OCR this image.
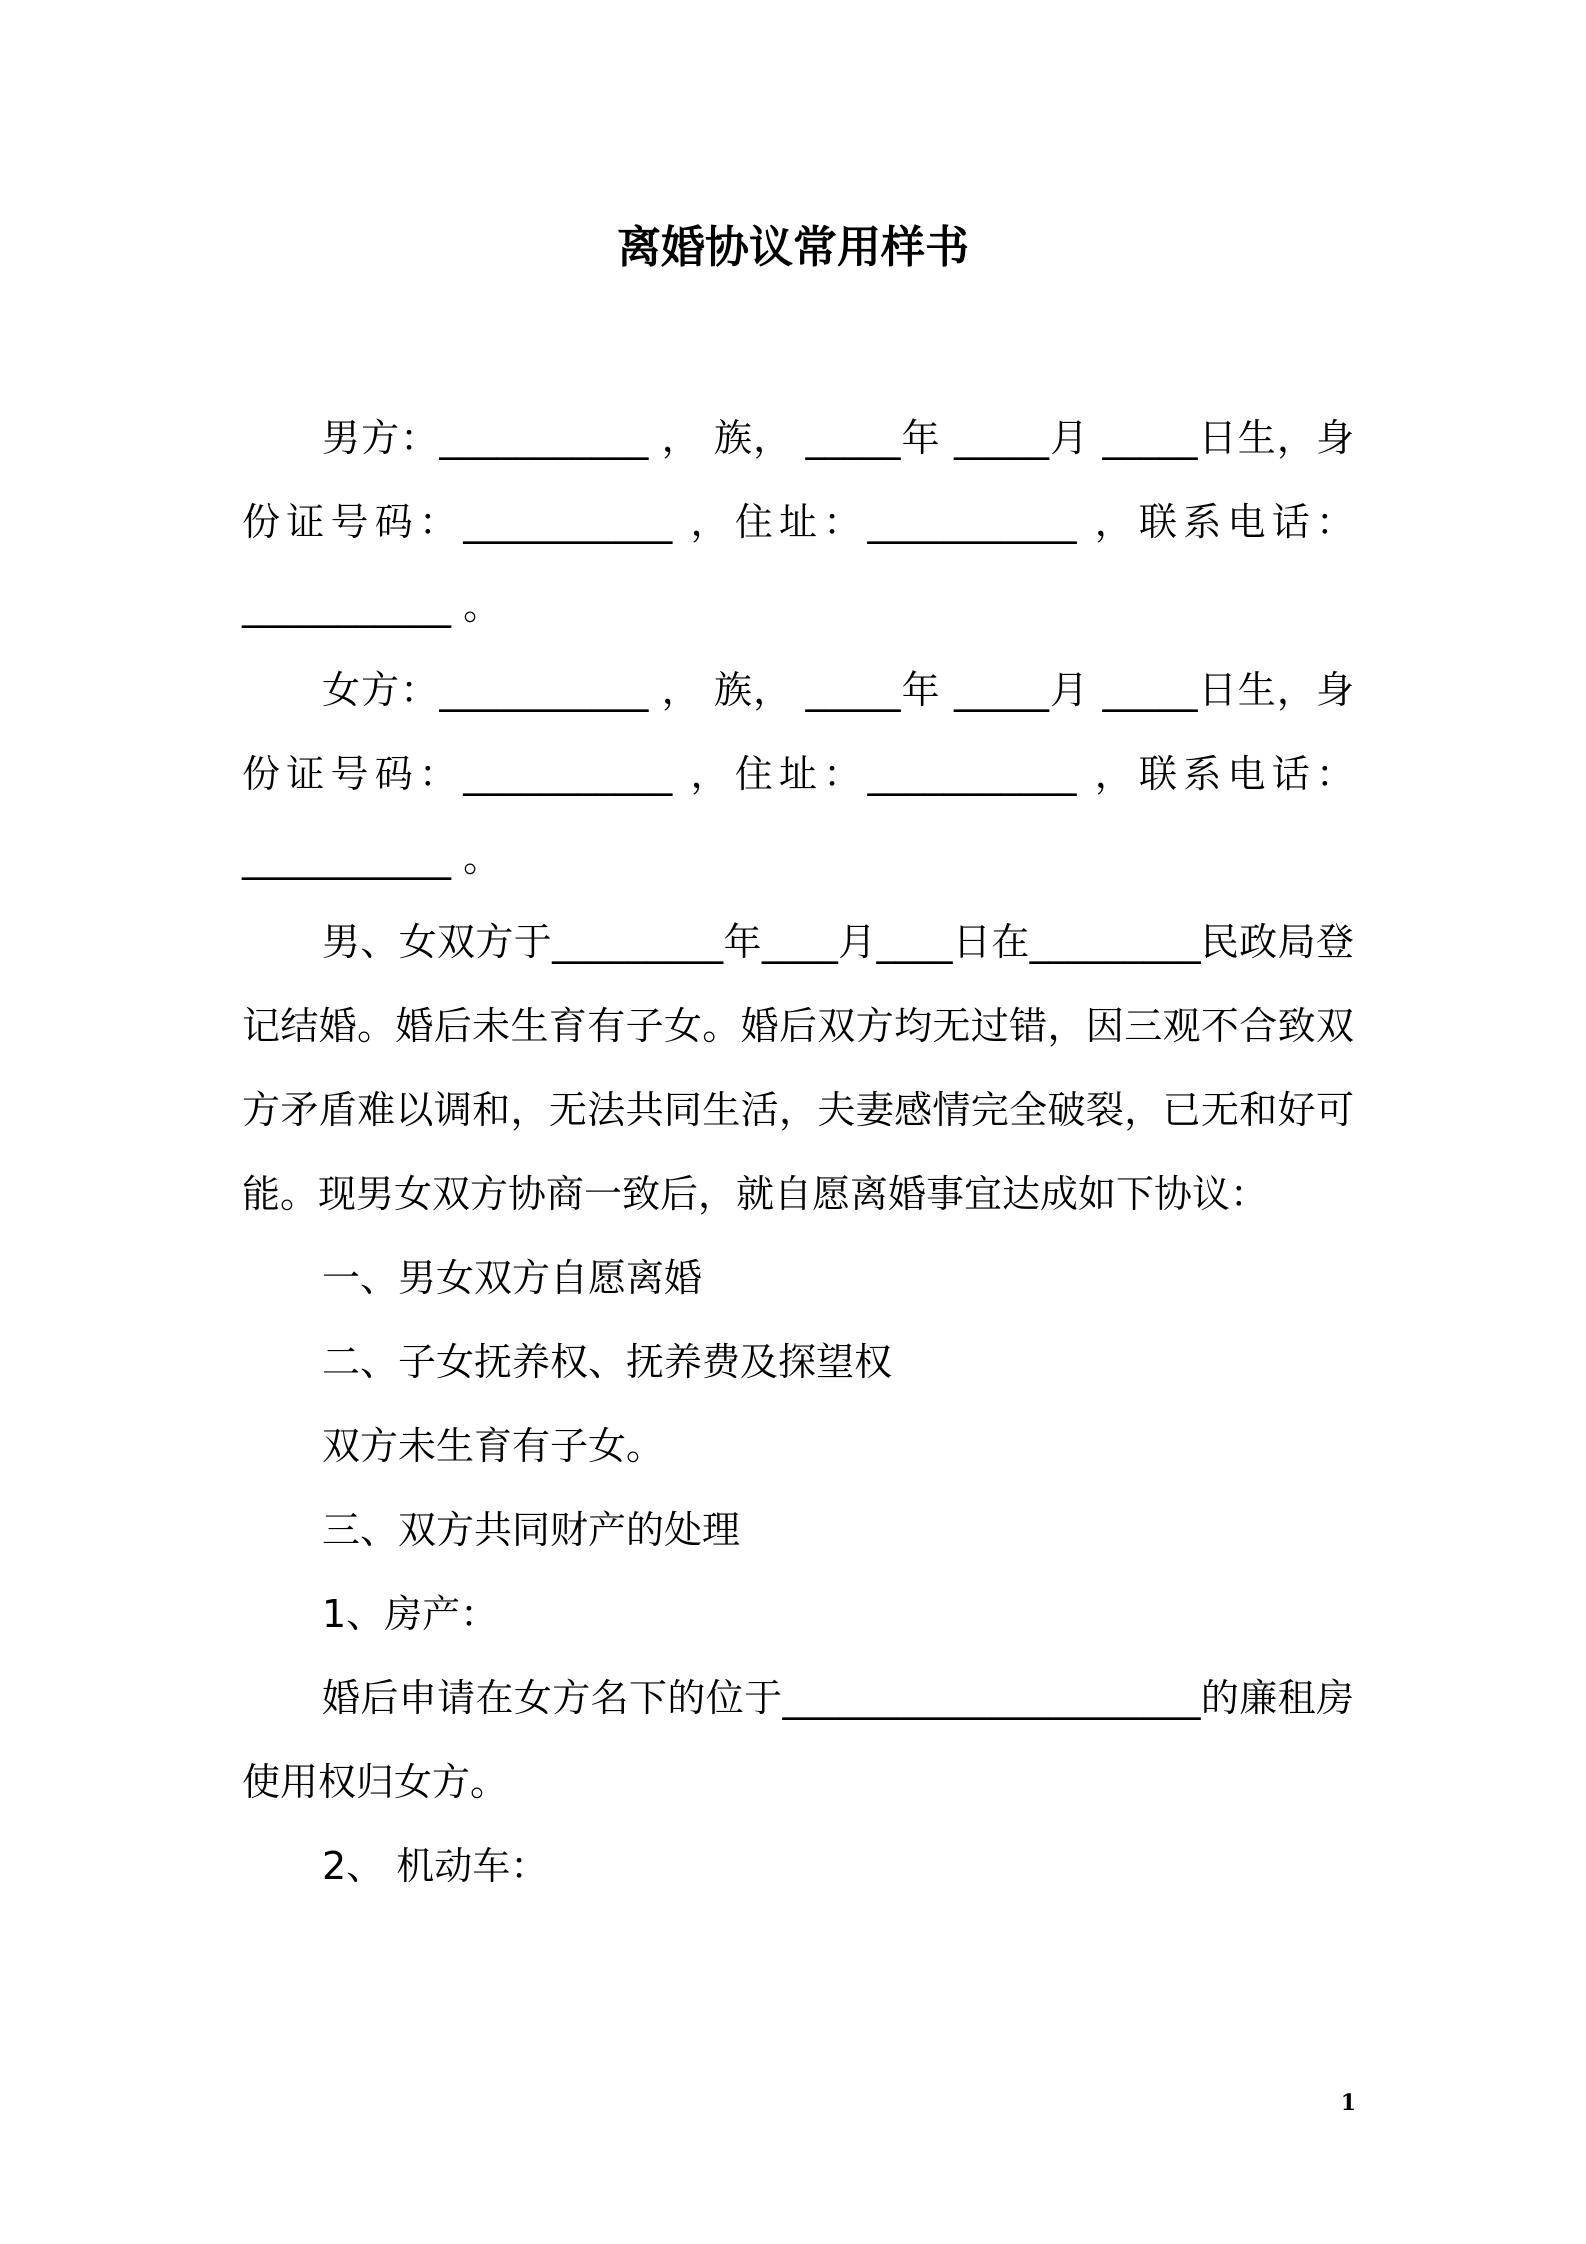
离婚协议常用样书

男方：___________ ， 族， _____年 _____月 _____日生，身份证号码：___________ ，住址：___________ ，联系电话：___________ 。

女方：___________ ， 族， _____年 _____月 _____日生，身份证号码：___________ ，住址：___________ ，联系电话：___________ 。

男、女双方于_________年____月____日在_________民政局登记结婚。婚后未生育有子女。婚后双方均无过错，因三观不合致双方矛盾难以调和，无法共同生活，夫妻感情完全破裂，已无和好可能。现男女双方协商一致后，就自愿离婚事宜达成如下协议：

一、男女双方自愿离婚

二、子女抚养权、抚养费及探望权

双方未生育有子女。

三、双方共同财产的处理

1、房产：

婚后申请在女方名下的位于______________________的廉租房使用权归女方。

2、 机动车：

1
